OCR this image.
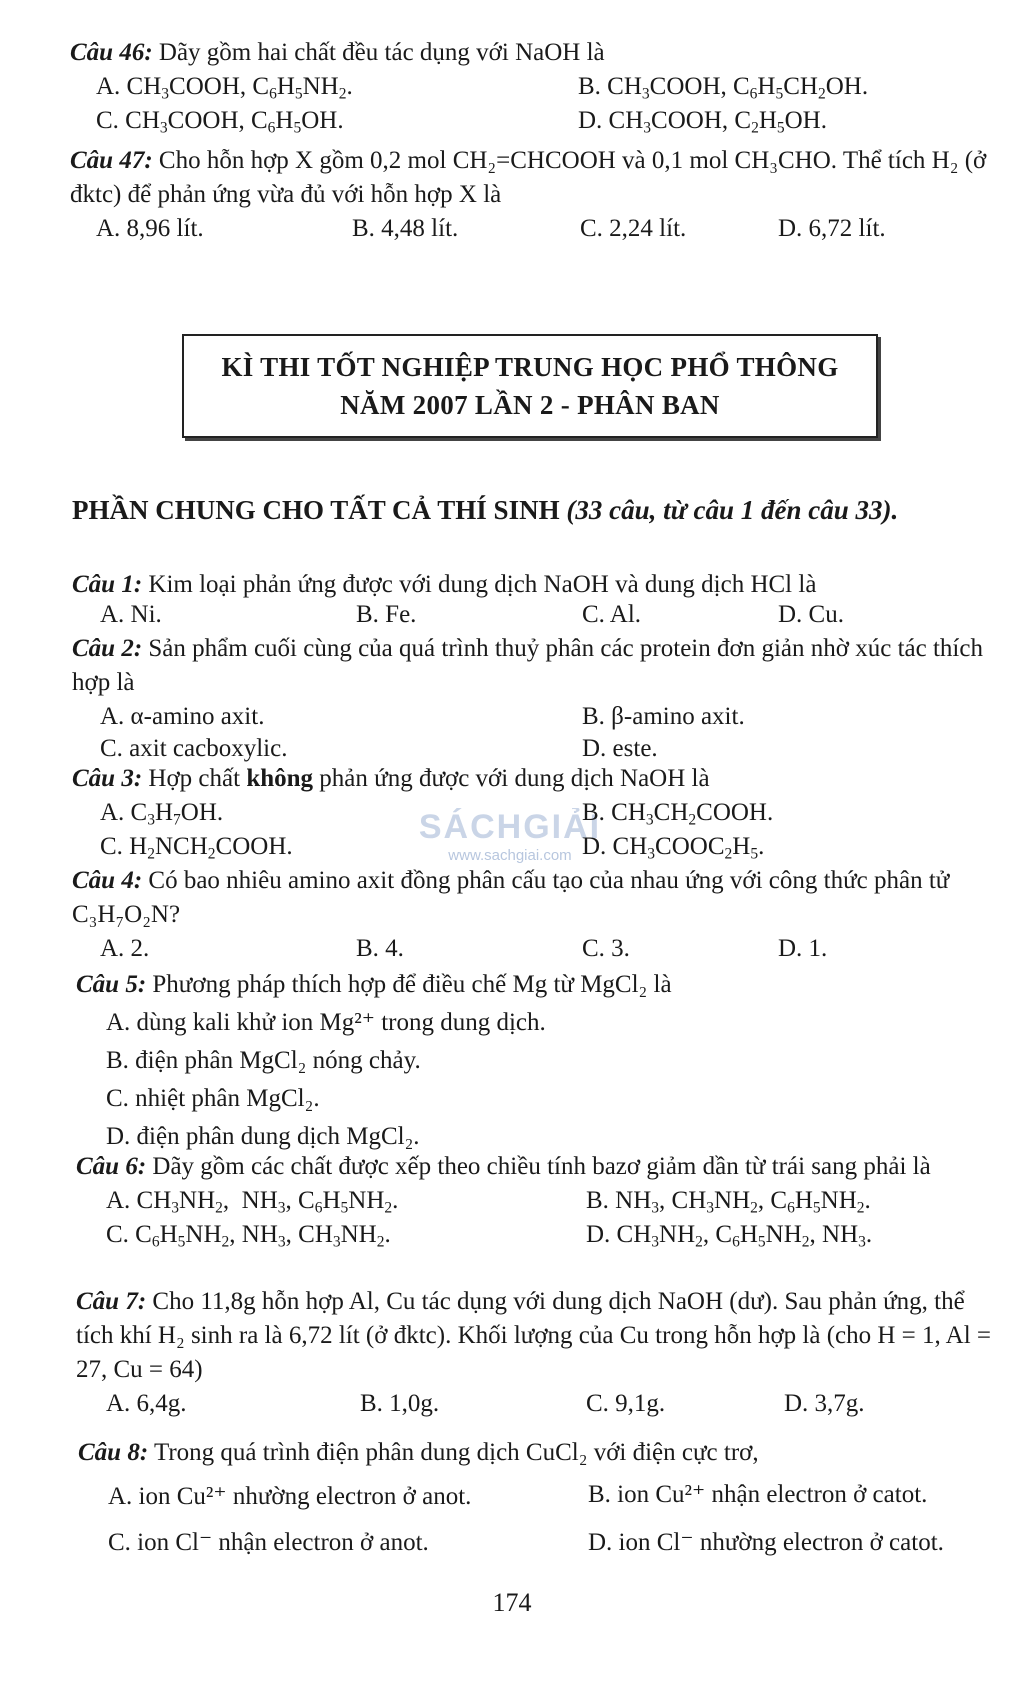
SÁCHGIẢI
www.sachgiai.com

Câu 46: Dãy gồm hai chất đều tác dụng với NaOH là

A. $CH_3COOH$, $C_6H_5NH_2$.	B. $CH_3COOH$, $C_6H_5CH_2OH$.
C. $CH_3COOH$, $C_6H_5OH$.	D. $CH_3COOH$, $C_2H_5OH$.

Câu 47: Cho hỗn hợp X gồm 0,2 mol CH₂=CHCOOH và 0,1 mol CH₃CHO. Thể tích H₂ (ở đktc) để phản ứng vừa đủ với hỗn hợp X là

A. 8,96 lít.	B. 4,48 lít.	C. 2,24 lít.	D. 6,72 lít.
KÌ THI TỐT NGHIỆP TRUNG HỌC PHỔ THÔNG
NĂM 2007 LẦN 2 - PHÂN BAN
PHẦN CHUNG CHO TẤT CẢ THÍ SINH (33 câu, từ câu 1 đến câu 33).

Câu 1: Kim loại phản ứng được với dung dịch NaOH và dung dịch HCl là

A. Ni.	B. Fe.	C. Al.	D. Cu.

Câu 2: Sản phẩm cuối cùng của quá trình thuỷ phân các protein đơn giản nhờ xúc tác thích hợp là

A. α-amino axit.	B. β-amino axit.
C. axit cacboxylic.	D. este.

Câu 3: Hợp chất không phản ứng được với dung dịch NaOH là

A. $C_3H_7OH$.	B. $CH_3CH_2COOH$.
C. $H_2NCH_2COOH$.	D. $CH_3COOC_2H_5$.

Câu 4: Có bao nhiêu amino axit đồng phân cấu tạo của nhau ứng với công thức phân tử C₃H₇O₂N?

A. 2.	B. 4.	C. 3.	D. 1.

Câu 5: Phương pháp thích hợp để điều chế Mg từ MgCl₂ là

A. dùng kali khử ion Mg²⁺ trong dung dịch.
B. điện phân MgCl₂ nóng chảy.
C. nhiệt phân MgCl₂.
D. điện phân dung dịch MgCl₂.

Câu 6: Dãy gồm các chất được xếp theo chiều tính bazơ giảm dần từ trái sang phải là

A. $CH_3NH_2$,  $NH_3$, $C_6H_5NH_2$.	B. $NH_3$, $CH_3NH_2$, $C_6H_5NH_2$.
C. $C_6H_5NH_2$, $NH_3$, $CH_3NH_2$.	D. $CH_3NH_2$, $C_6H_5NH_2$, $NH_3$.

Câu 7: Cho 11,8g hỗn hợp Al, Cu tác dụng với dung dịch NaOH (dư). Sau phản ứng, thể tích khí H₂ sinh ra là 6,72 lít (ở đktc). Khối lượng của Cu trong hỗn hợp là (cho H = 1, Al = 27, Cu = 64)

A. 6,4g.	B. 1,0g.	C. 9,1g.	D. 3,7g.

Câu 8: Trong quá trình điện phân dung dịch CuCl₂ với điện cực trơ,

A. ion Cu²⁺ nhường electron ở anot.	B. ion Cu²⁺ nhận electron ở catot.
C. ion Cl⁻ nhận electron ở anot.	D. ion Cl⁻ nhường electron ở catot.
174
